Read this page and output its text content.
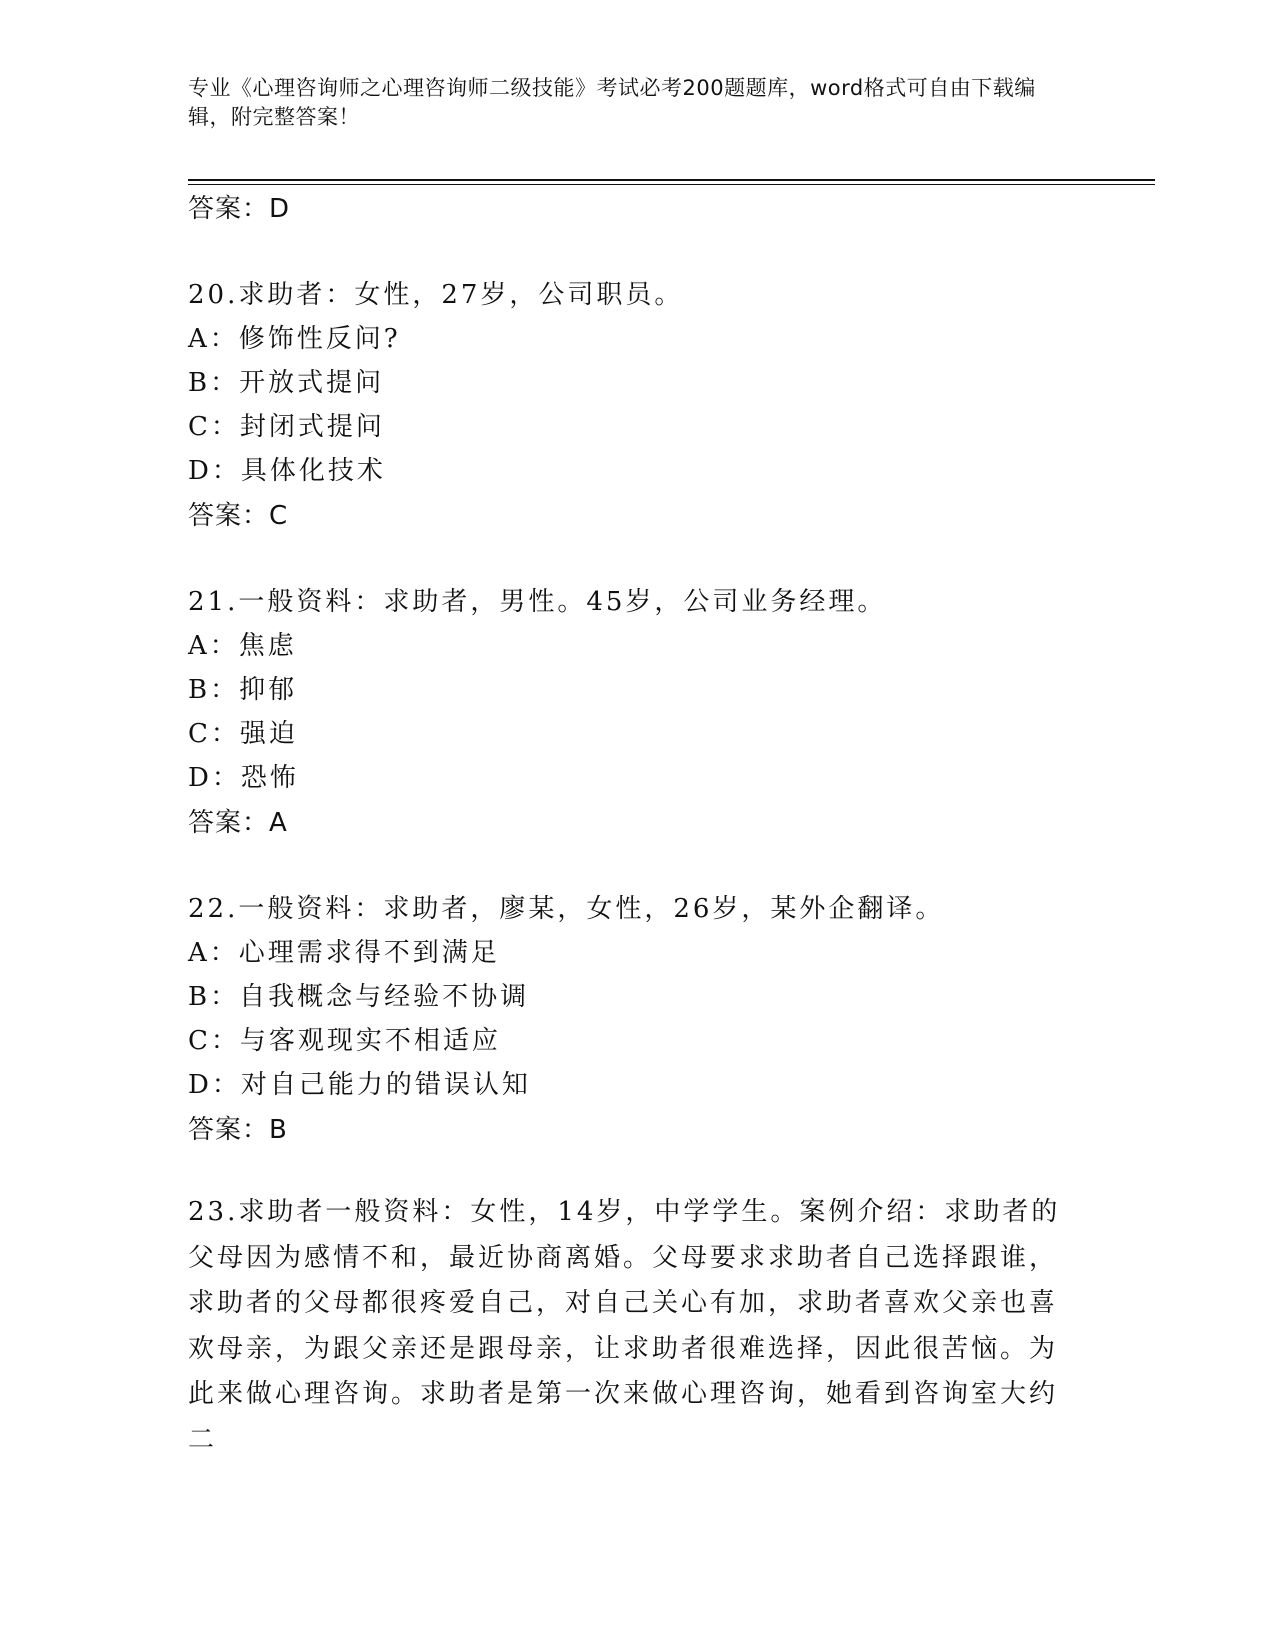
专业《心理咨询师之心理咨询师二级技能》考试必考200题题库，word格式可自由下载编辑，附完整答案！
答案：D
20.求助者：女性，27岁，公司职员。
A：修饰性反问?
B：开放式提问
C：封闭式提问
D：具体化技术
答案：C
21.一般资料：求助者，男性。45岁，公司业务经理。
A：焦虑
B：抑郁
C：强迫
D：恐怖
答案：A
22.一般资料：求助者，廖某，女性，26岁，某外企翻译。
A：心理需求得不到满足
B：自我概念与经验不协调
C：与客观现实不相适应
D：对自己能力的错误认知
答案：B
23.求助者一般资料：女性，14岁，中学学生。案例介绍：求助者的父母因为感情不和，最近协商离婚。父母要求求助者自己选择跟谁，求助者的父母都很疼爱自己，对自己关心有加，求助者喜欢父亲也喜欢母亲，为跟父亲还是跟母亲，让求助者很难选择，因此很苦恼。为此来做心理咨询。求助者是第一次来做心理咨询，她看到咨询室大约二
